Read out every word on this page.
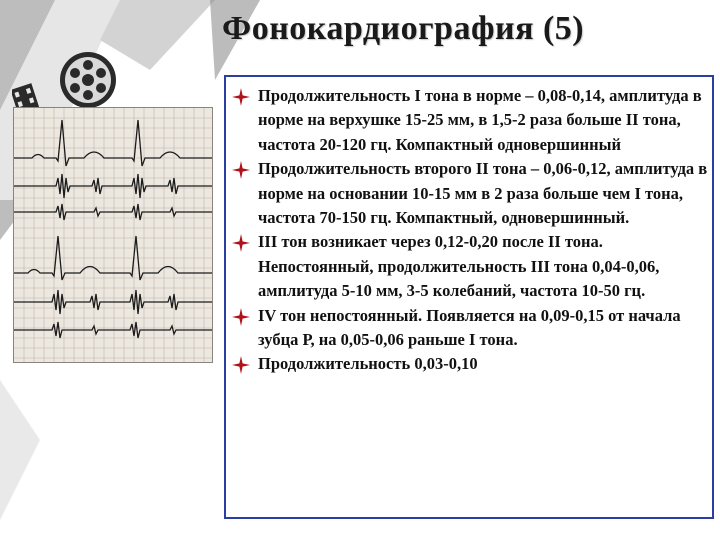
Фонокардиография (5)
Продолжительность I тона в норме – 0,08-0,14, амплитуда в норме на верхушке 15-25 мм, в 1,5-2 раза больше II тона, частота 20-120 гц. Компактный одновершинный
Продолжительность второго II тона – 0,06-0,12, амплитуда в норме на основании 10-15 мм в 2 раза больше чем I тона, частота 70-150 гц. Компактный, одновершинный.
III тон возникает через 0,12-0,20 после II тона. Непостоянный, продолжительность III тона 0,04-0,06, амплитуда 5-10 мм, 3-5 колебаний, частота 10-50 гц.
IV тон непостоянный. Появляется на 0,09-0,15 от начала зубца Р, на 0,05-0,06 раньше I тона.
Продолжительность 0,03-0,10
